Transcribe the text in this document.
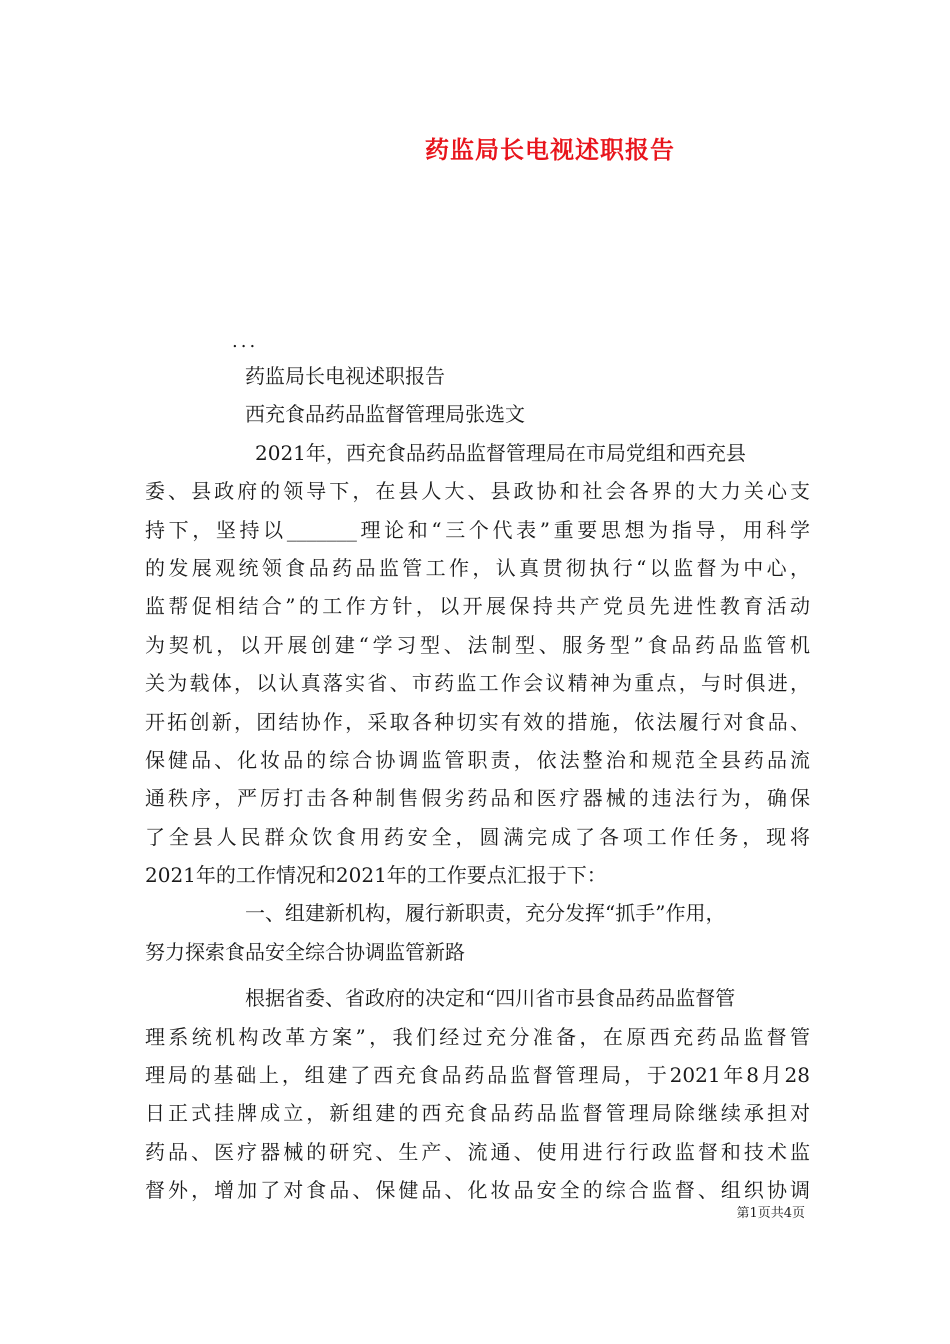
药监局长电视述职报告
...
药监局长电视述职报告
西充食品药品监督管理局张选文
2021年，西充食品药品监督管理局在市局党组和西充县
委、县政府的领导下，在县人大、县政协和社会各界的大力关心支
持下，坚持以_______理论和“三个代表”重要思想为指导，用科学
的发展观统领食品药品监管工作，认真贯彻执行“以监督为中心，
监帮促相结合”的工作方针，以开展保持共产党员先进性教育活动
为契机，以开展创建“学习型、法制型、服务型”食品药品监管机
关为载体，以认真落实省、市药监工作会议精神为重点，与时俱进，
开拓创新，团结协作，采取各种切实有效的措施，依法履行对食品、
保健品、化妆品的综合协调监管职责，依法整治和规范全县药品流
通秩序，严厉打击各种制售假劣药品和医疗器械的违法行为，确保
了全县人民群众饮食用药安全，圆满完成了各项工作任务，现将
2021年的工作情况和2021年的工作要点汇报于下：
一、组建新机构，履行新职责，充分发挥“抓手”作用，
努力探索食品安全综合协调监管新路
根据省委、省政府的决定和“四川省市县食品药品监督管
理系统机构改革方案”，我们经过充分准备，在原西充药品监督管
理局的基础上，组建了西充食品药品监督管理局，于2021年8月28
日正式挂牌成立，新组建的西充食品药品监督管理局除继续承担对
药品、医疗器械的研究、生产、流通、使用进行行政监督和技术监
督外，增加了对食品、保健品、化妆品安全的综合监督、组织协调
第1页共4页
